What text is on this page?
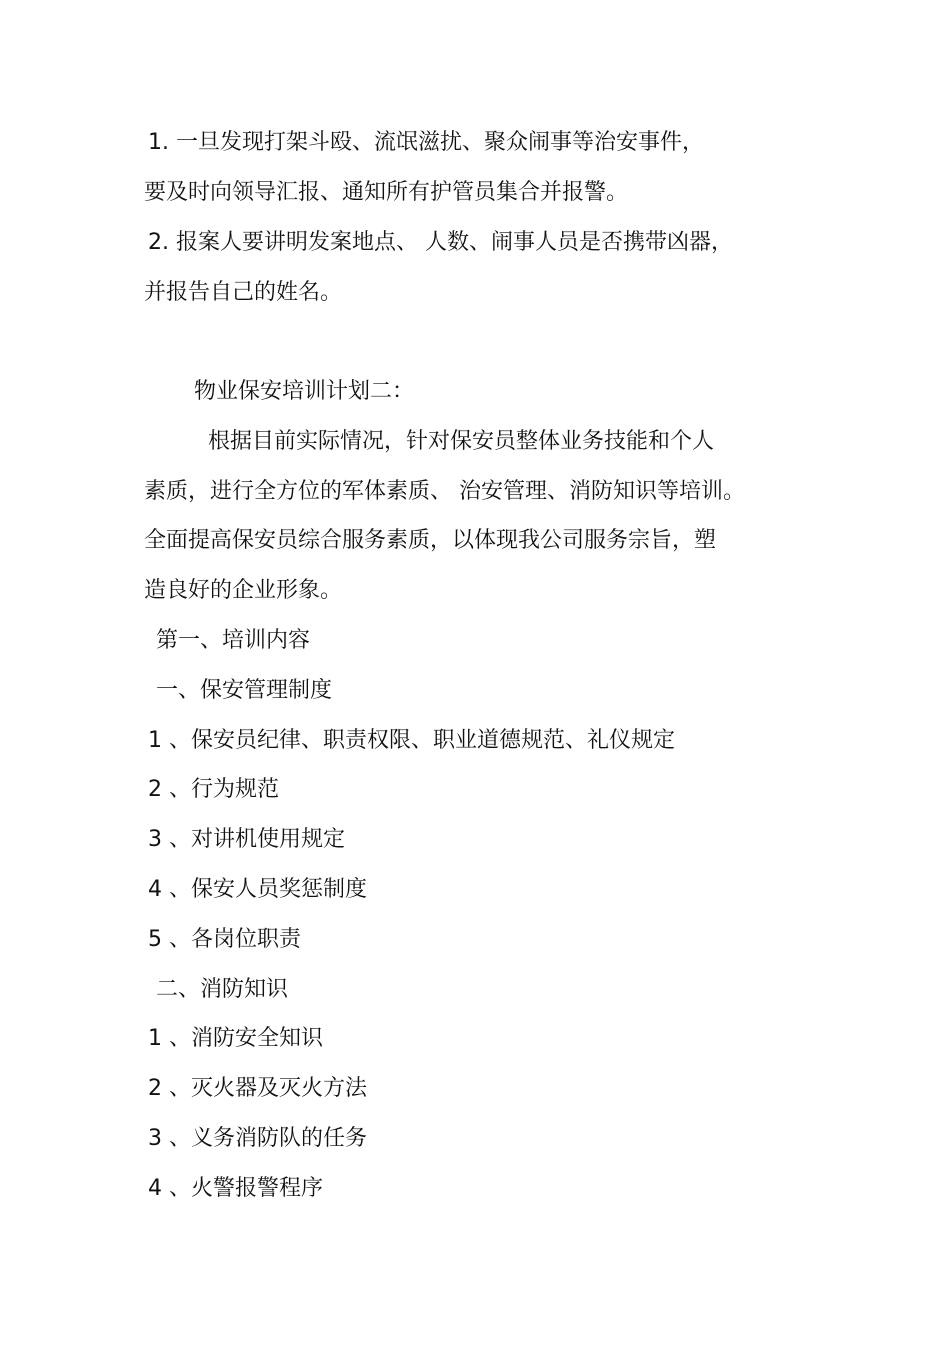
1. 一旦发现打架斗殴、流氓滋扰、聚众闹事等治安事件，
要及时向领导汇报、通知所有护管员集合并报警。
2. 报案人要讲明发案地点、 人数、闹事人员是否携带凶器，
并报告自己的姓名。
物业保安培训计划二：
根据目前实际情况，针对保安员整体业务技能和个人
素质，进行全方位的军体素质、 治安管理、消防知识等培训。
全面提高保安员综合服务素质，以体现我公司服务宗旨，塑
造良好的企业形象。
第一、培训内容
一、保安管理制度
1 、保安员纪律、职责权限、职业道德规范、礼仪规定
2 、行为规范
3 、对讲机使用规定
4 、保安人员奖惩制度
5 、各岗位职责
二、消防知识
1 、消防安全知识
2 、灭火器及灭火方法
3 、义务消防队的任务
4 、火警报警程序
